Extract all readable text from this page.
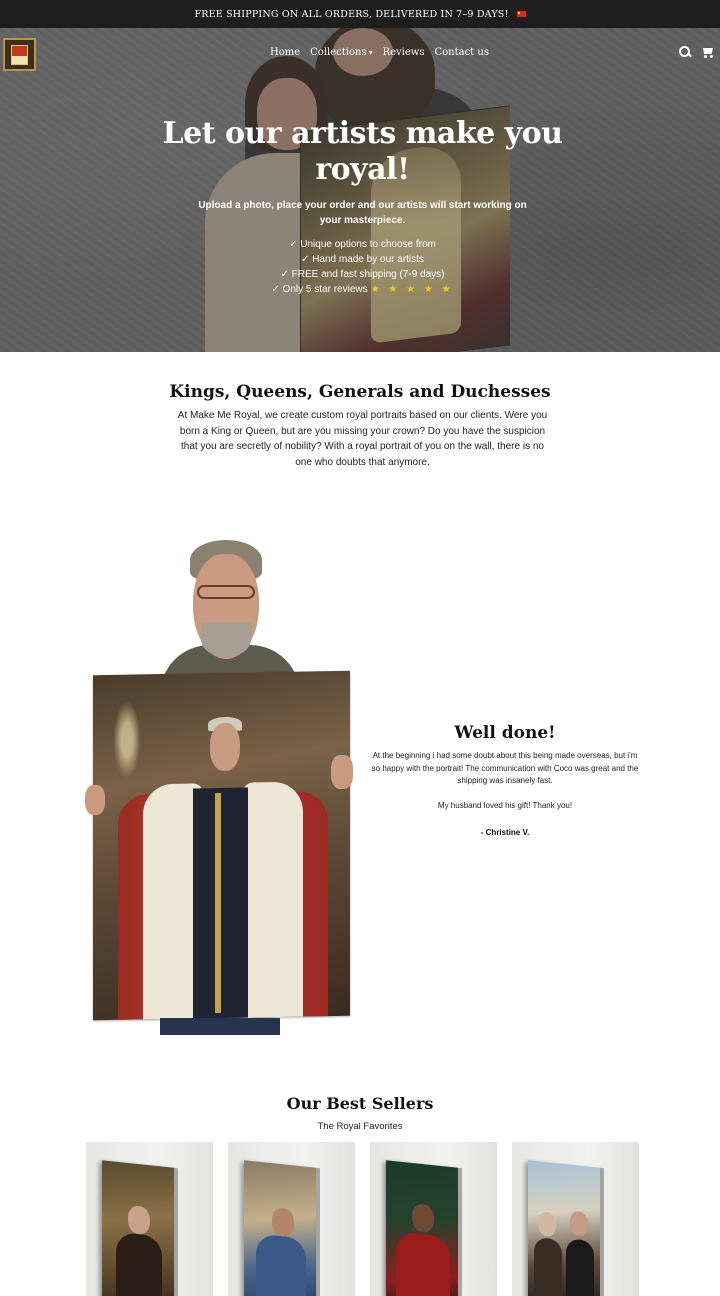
FREE SHIPPING ON ALL ORDERS, DELIVERED IN 7–9 DAYS!
Home Collections ▾ Reviews Contact us
Let our artists make you royal!

Upload a photo, place your order and our artists will start working on your masterpiece.

✓ Unique options to choose from
✓ Hand made by our artists
✓ FREE and fast shipping (7-9 days)
✓ Only 5 star reviews ★ ★ ★ ★ ★
Kings, Queens, Generals and Duchesses

At Make Me Royal, we create custom royal portraits based on our clients. Were you born a King or Queen, but are you missing your crown? Do you have the suspicion that you are secretly of nobility? With a royal portrait of you on the wall, there is no one who doubts that anymore.

Well done!

At the beginning i had some doubt about this being made overseas, but i'm so happy with the portrait! The communication with Coco was great and the shipping was insanely fast.

My husband loved his gift! Thank you!

- Christine V.

Our Best Sellers

The Royal Favorites
